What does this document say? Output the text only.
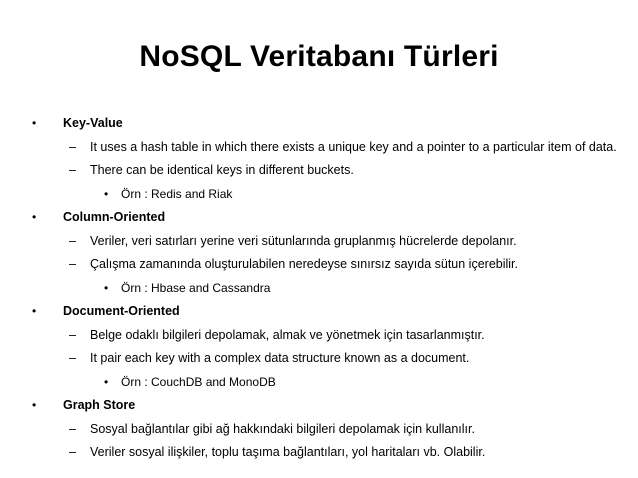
NoSQL Veritabanı Türleri
• Key-Value
– It uses a hash table in which there exists a unique key and a pointer to a particular item of data.
– There can be identical keys in different buckets.
• Örn : Redis and Riak
• Column-Oriented
– Veriler, veri satırları yerine veri sütunlarında gruplanmış hücrelerde depolanır.
– Çalışma zamanında oluşturulabilen neredeyse sınırsız sayıda sütun içerebilir.
• Örn : Hbase and Cassandra
• Document-Oriented
– Belge odaklı bilgileri depolamak, almak ve yönetmek için tasarlanmıştır.
– It pair each key with a complex data structure known as a document.
• Örn : CouchDB and MonoDB
• Graph Store
– Sosyal bağlantılar gibi ağ hakkındaki bilgileri depolamak için kullanılır.
– Veriler sosyal ilişkiler, toplu taşıma bağlantıları, yol haritaları vb. Olabilir.
